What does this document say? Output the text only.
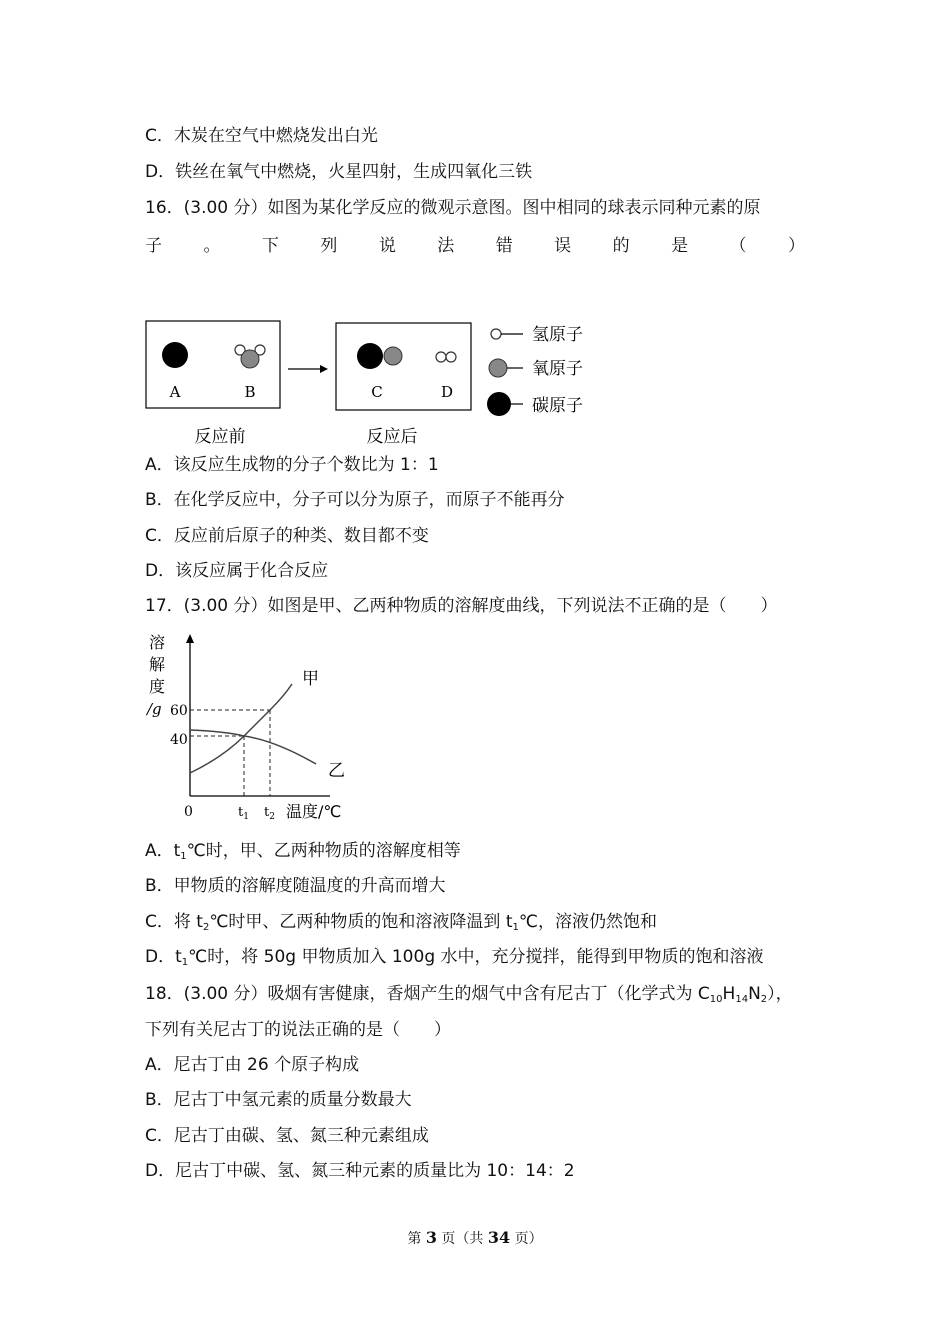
C．木炭在空气中燃烧发出白光
D．铁丝在氧气中燃烧，火星四射，生成四氧化三铁
16．(3.00 分）如图为某化学反应的微观示意图。图中相同的球表示同种元素的原
子 。 下 列 说 法 错 误 的 是 （ ）
A	B	C	D
反应前	反应后
氢原子
氧原子
碳原子
A．该反应生成物的分子个数比为 1：1
B．在化学反应中，分子可以分为原子，而原子不能再分
C．反应前后原子的种类、数目都不变
D．该反应属于化合反应
17．(3.00 分）如图是甲、乙两种物质的溶解度曲线，下列说法不正确的是（　　）
溶
解
度
/g 60
40
0	$t_1$ $t_2$ 温度/℃
甲
乙
A．$t_1℃$时，甲、乙两种物质的溶解度相等
B．甲物质的溶解度随温度的升高而增大
C．将 $t_2℃$时甲、乙两种物质的饱和溶液降温到 $t_1℃$，溶液仍然饱和
D．$t_1℃$时，将 50g 甲物质加入 100g 水中，充分搅拌，能得到甲物质的饱和溶液
18．(3.00 分）吸烟有害健康，香烟产生的烟气中含有尼古丁（化学式为 $C_{10}H_{14}N_2$），
下列有关尼古丁的说法正确的是（　　）
A．尼古丁由 26 个原子构成
B．尼古丁中氢元素的质量分数最大
C．尼古丁由碳、氢、氮三种元素组成
D．尼古丁中碳、氢、氮三种元素的质量比为 10：14：2
第 3 页（共 34 页）
